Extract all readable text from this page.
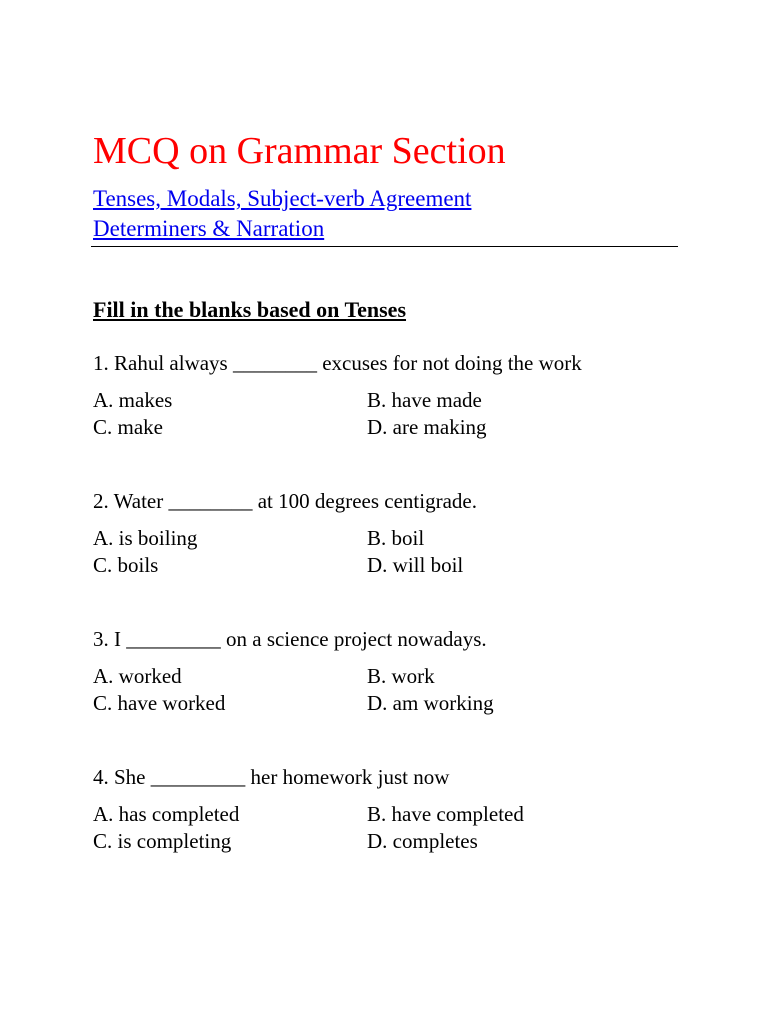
MCQ on Grammar Section
Tenses, Modals, Subject-verb Agreement
Determiners & Narration
Fill in the blanks based on Tenses
1. Rahul always ________ excuses for not doing the work
A. makes	B. have made
C. make	D. are making
2. Water ________ at 100 degrees centigrade.
A. is boiling	B. boil
C. boils	D. will boil
3. I _________ on a science project nowadays.
A. worked	B. work
C. have worked	D. am working
4. She _________ her homework just now
A. has completed	B. have completed
C. is completing	D. completes
